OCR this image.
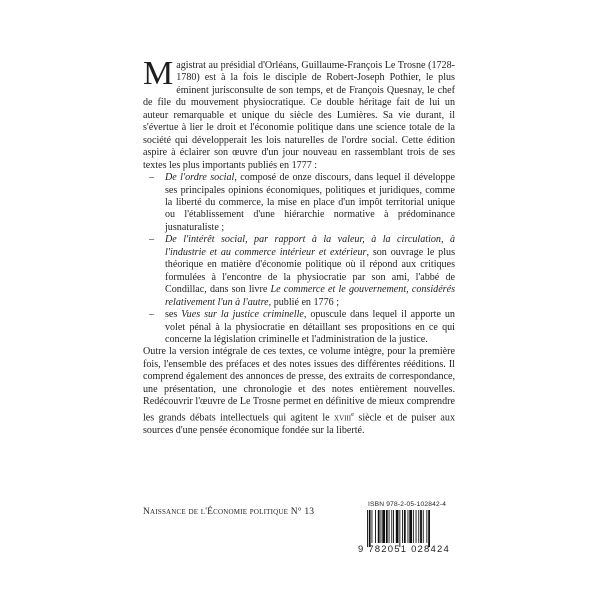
Magistrat au présidial d'Orléans, Guillaume-François Le Trosne (1728-1780) est à la fois le disciple de Robert-Joseph Pothier, le plus éminent jurisconsulte de son temps, et de François Quesnay, le chef de file du mouvement physiocratique. Ce double héritage fait de lui un auteur remarquable et unique du siècle des Lumières. Sa vie durant, il s'évertue à lier le droit et l'économie politique dans une science totale de la société qui développerait les lois naturelles de l'ordre social. Cette édition aspire à éclairer son œuvre d'un jour nouveau en rassemblant trois de ses textes les plus importants publiés en 1777 :

– De l'ordre social, composé de onze discours, dans lequel il développe ses principales opinions économiques, politiques et juridiques, comme la liberté du commerce, la mise en place d'un impôt territorial unique ou l'établissement d'une hiérarchie normative à prédominance jusnaturaliste ;
– De l'intérêt social, par rapport à la valeur, à la circulation, à l'industrie et au commerce intérieur et extérieur, son ouvrage le plus théorique en matière d'économie politique où il répond aux critiques formulées à l'encontre de la physiocratie par son ami, l'abbé de Condillac, dans son livre Le commerce et le gouvernement, considérés relativement l'un à l'autre, publié en 1776 ;
– ses Vues sur la justice criminelle, opuscule dans lequel il apporte un volet pénal à la physiocratie en détaillant ses propositions en ce qui concerne la législation criminelle et l'administration de la justice.

Outre la version intégrale de ces textes, ce volume intègre, pour la première fois, l'ensemble des préfaces et des notes issues des différentes rééditions. Il comprend également des annonces de presse, des extraits de correspondance, une présentation, une chronologie et des notes entièrement nouvelles. Redécouvrir l'œuvre de Le Trosne permet en définitive de mieux comprendre les grands débats intellectuels qui agitent le xviii$^e$ siècle et de puiser aux sources d'une pensée économique fondée sur la liberté.

Naissance de l'Économie politique N° 13
ISBN 978-2-05-102842-4
9 782051 028424
